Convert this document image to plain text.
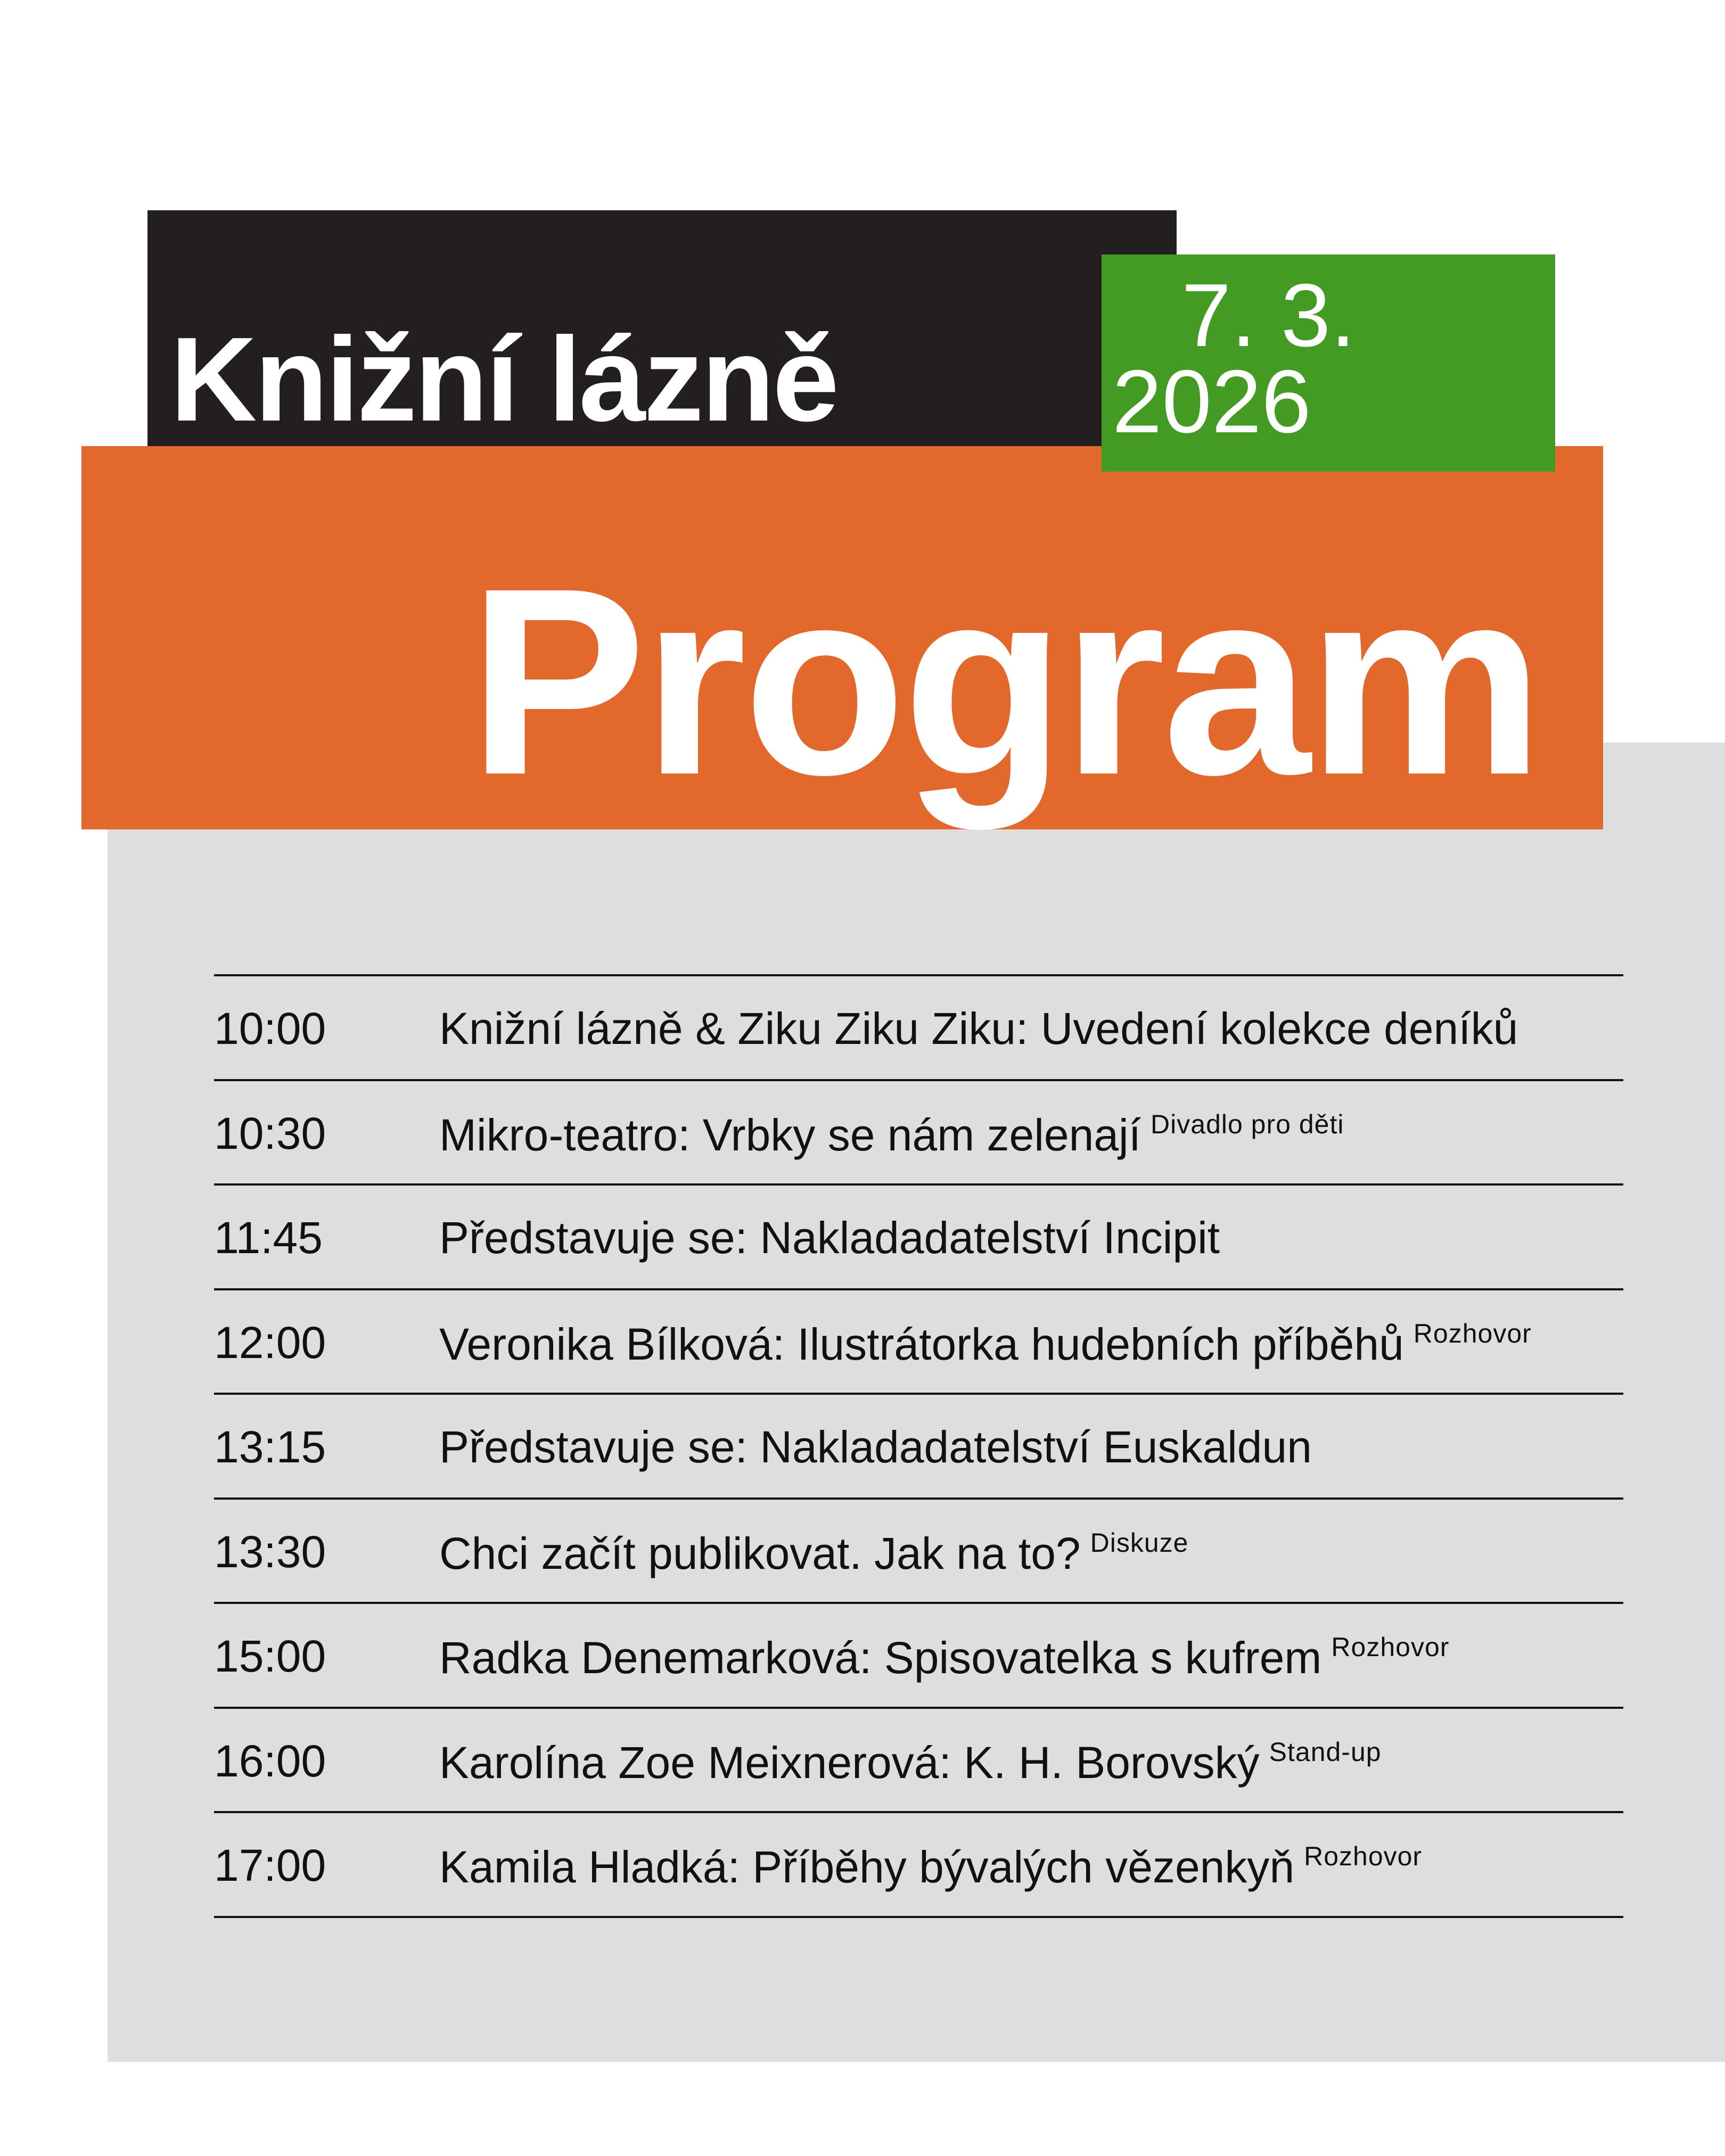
Knižní lázně	7. 3.
2026
Program
10:00	Knižní lázně & Ziku Ziku Ziku: Uvedení kolekce deníků
10:30	Mikro-teatro: Vrbky se nám zelenají $^{Divadlo pro děti}$
11:45	Představuje se: Nakladadatelství Incipit
12:00	Veronika Bílková: Ilustrátorka hudebních příběhů $^{Rozhovor}$
13:15	Představuje se: Nakladadatelství Euskaldun
13:30	Chci začít publikovat. Jak na to? $^{Diskuze}$
15:00	Radka Denemarková: Spisovatelka s kufrem $^{Rozhovor}$
16:00	Karolína Zoe Meixnerová: K. H. Borovský $^{Stand-up}$
17:00	Kamila Hladká: Příběhy bývalých vězenkyň $^{Rozhovor}$
